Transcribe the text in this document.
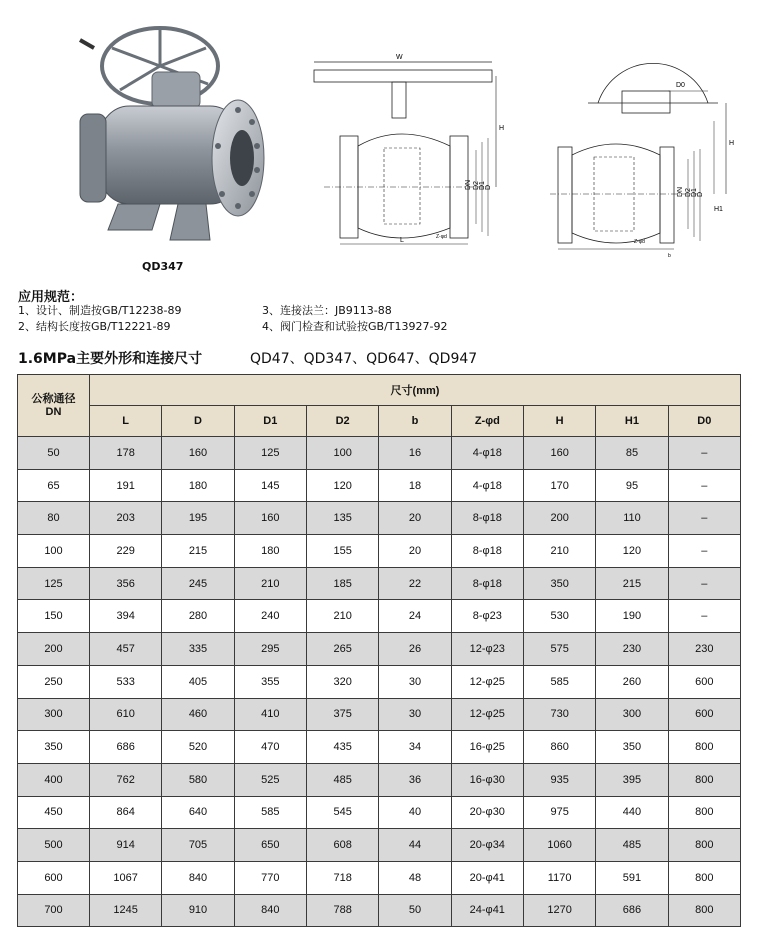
QD347
W
L
H
DN D2 D1 D
Z-φd
D0
H
H1
DN D2 D1 D
Z-φd
b
应用规范：
1、设计、制造按GB/T12238-89
2、结构长度按GB/T12221-89
3、连接法兰：JB9113-88
4、阀门检查和试验按GB/T13927-92
1.6MPa主要外形和连接尺寸	QD47、QD347、QD647、QD947
公称通径
DN	尺寸(mm)								
	L	D	D1	D2	b	Z-φd	H	H1	D0
50	178	160	125	100	16	4-φ18	160	85	–
65	191	180	145	120	18	4-φ18	170	95	–
80	203	195	160	135	20	8-φ18	200	110	–
100	229	215	180	155	20	8-φ18	210	120	–
125	356	245	210	185	22	8-φ18	350	215	–
150	394	280	240	210	24	8-φ23	530	190	–
200	457	335	295	265	26	12-φ23	575	230	230
250	533	405	355	320	30	12-φ25	585	260	600
300	610	460	410	375	30	12-φ25	730	300	600
350	686	520	470	435	34	16-φ25	860	350	800
400	762	580	525	485	36	16-φ30	935	395	800
450	864	640	585	545	40	20-φ30	975	440	800
500	914	705	650	608	44	20-φ34	1060	485	800
600	1067	840	770	718	48	20-φ41	1170	591	800
700	1245	910	840	788	50	24-φ41	1270	686	800
